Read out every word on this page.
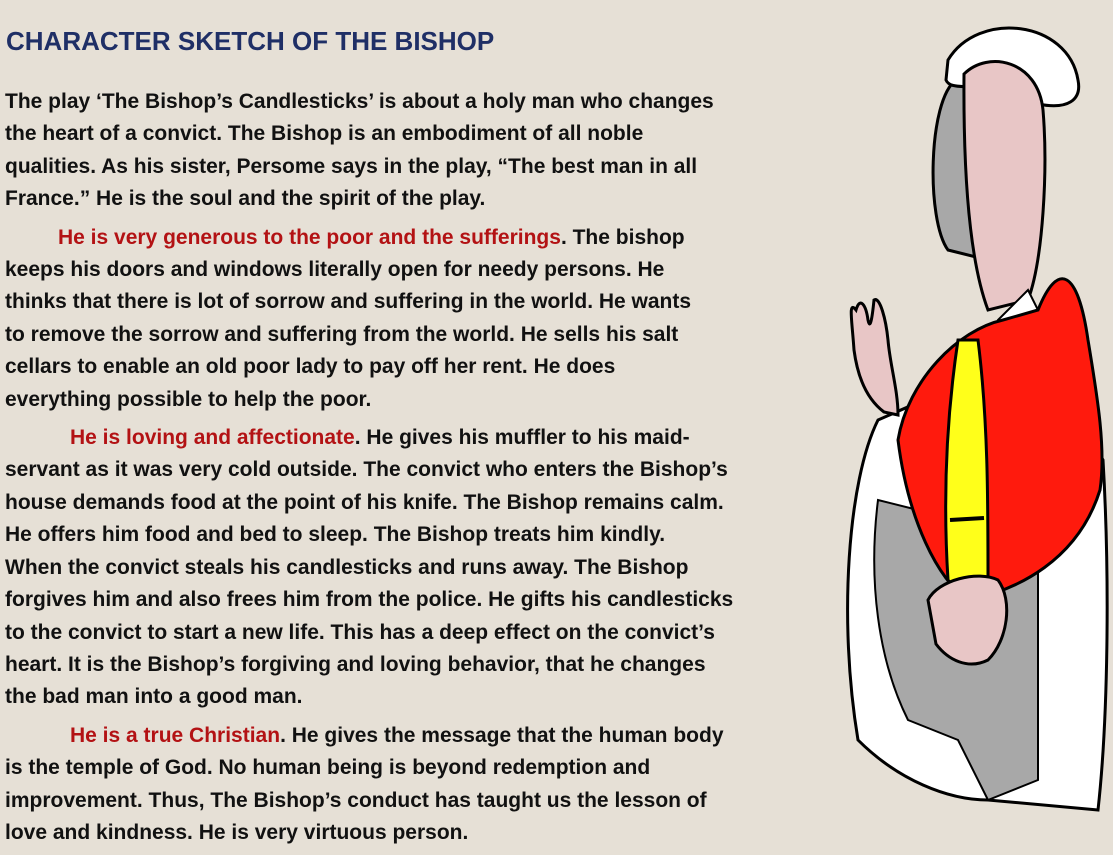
CHARACTER SKETCH OF THE BISHOP

The play ‘The Bishop’s Candlesticks’ is about a holy man who changes
the heart of a convict. The Bishop is an embodiment of all noble
qualities. As his sister, Persome says in the play, “The best man in all
France.” He is the soul and the spirit of the play.

He is very generous to the poor and the sufferings. The bishop
keeps his doors and windows literally open for needy persons. He
thinks that there is lot of sorrow and suffering in the world. He wants
to remove the sorrow and suffering from the world. He sells his salt
cellars to enable an old poor lady to pay off her rent. He does
everything possible to help the poor.

He is loving and affectionate. He gives his muffler to his maid-
servant as it was very cold outside. The convict who enters the Bishop’s
house demands food at the point of his knife. The Bishop remains calm.
He offers him food and bed to sleep. The Bishop treats him kindly.
When the convict steals his candlesticks and runs away. The Bishop
forgives him and also frees him from the police. He gifts his candlesticks
to the convict to start a new life. This has a deep effect on the convict’s
heart. It is the Bishop’s forgiving and loving behavior, that he changes
the bad man into a good man.

He is a true Christian. He gives the message that the human body
is the temple of God. No human being is beyond redemption and
improvement. Thus, The Bishop’s conduct has taught us the lesson of
love and kindness. He is very virtuous person.
